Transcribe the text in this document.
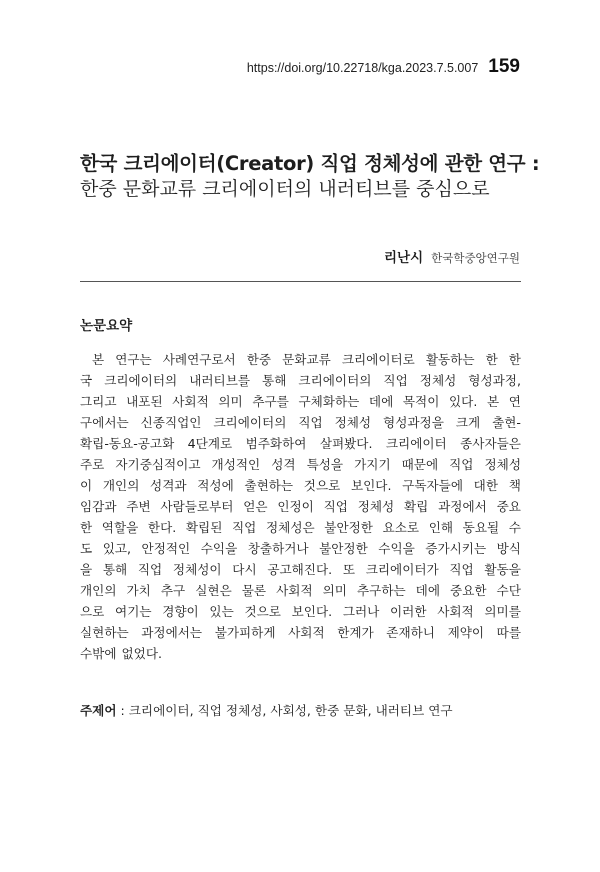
https://doi.org/10.22718/kga.2023.7.5.007 159
한국 크리에이터(Creator) 직업 정체성에 관한 연구 :
한중 문화교류 크리에이터의 내러티브를 중심으로
리난시 한국학중앙연구원
논문요약
본 연구는 사례연구로서 한중 문화교류 크리에이터로 활동하는 한 한
국 크리에이터의 내러티브를 통해 크리에이터의 직업 정체성 형성과정,
그리고 내포된 사회적 의미 추구를 구체화하는 데에 목적이 있다. 본 연
구에서는 신종직업인 크리에이터의 직업 정체성 형성과정을 크게 출현-
확립-동요-공고화 4단계로 범주화하여 살펴봤다. 크리에이터 종사자들은
주로 자기중심적이고 개성적인 성격 특성을 가지기 때문에 직업 정체성
이 개인의 성격과 적성에 출현하는 것으로 보인다. 구독자들에 대한 책
임감과 주변 사람들로부터 얻은 인정이 직업 정체성 확립 과정에서 중요
한 역할을 한다. 확립된 직업 정체성은 불안정한 요소로 인해 동요될 수
도 있고, 안정적인 수익을 창출하거나 불안정한 수익을 증가시키는 방식
을 통해 직업 정체성이 다시 공고해진다. 또 크리에이터가 직업 활동을
개인의 가치 추구 실현은 물론 사회적 의미 추구하는 데에 중요한 수단
으로 여기는 경향이 있는 것으로 보인다. 그러나 이러한 사회적 의미를
실현하는 과정에서는 불가피하게 사회적 한계가 존재하니 제약이 따를
수밖에 없었다.
주제어 : 크리에이터, 직업 정체성, 사회성, 한중 문화, 내러티브 연구
